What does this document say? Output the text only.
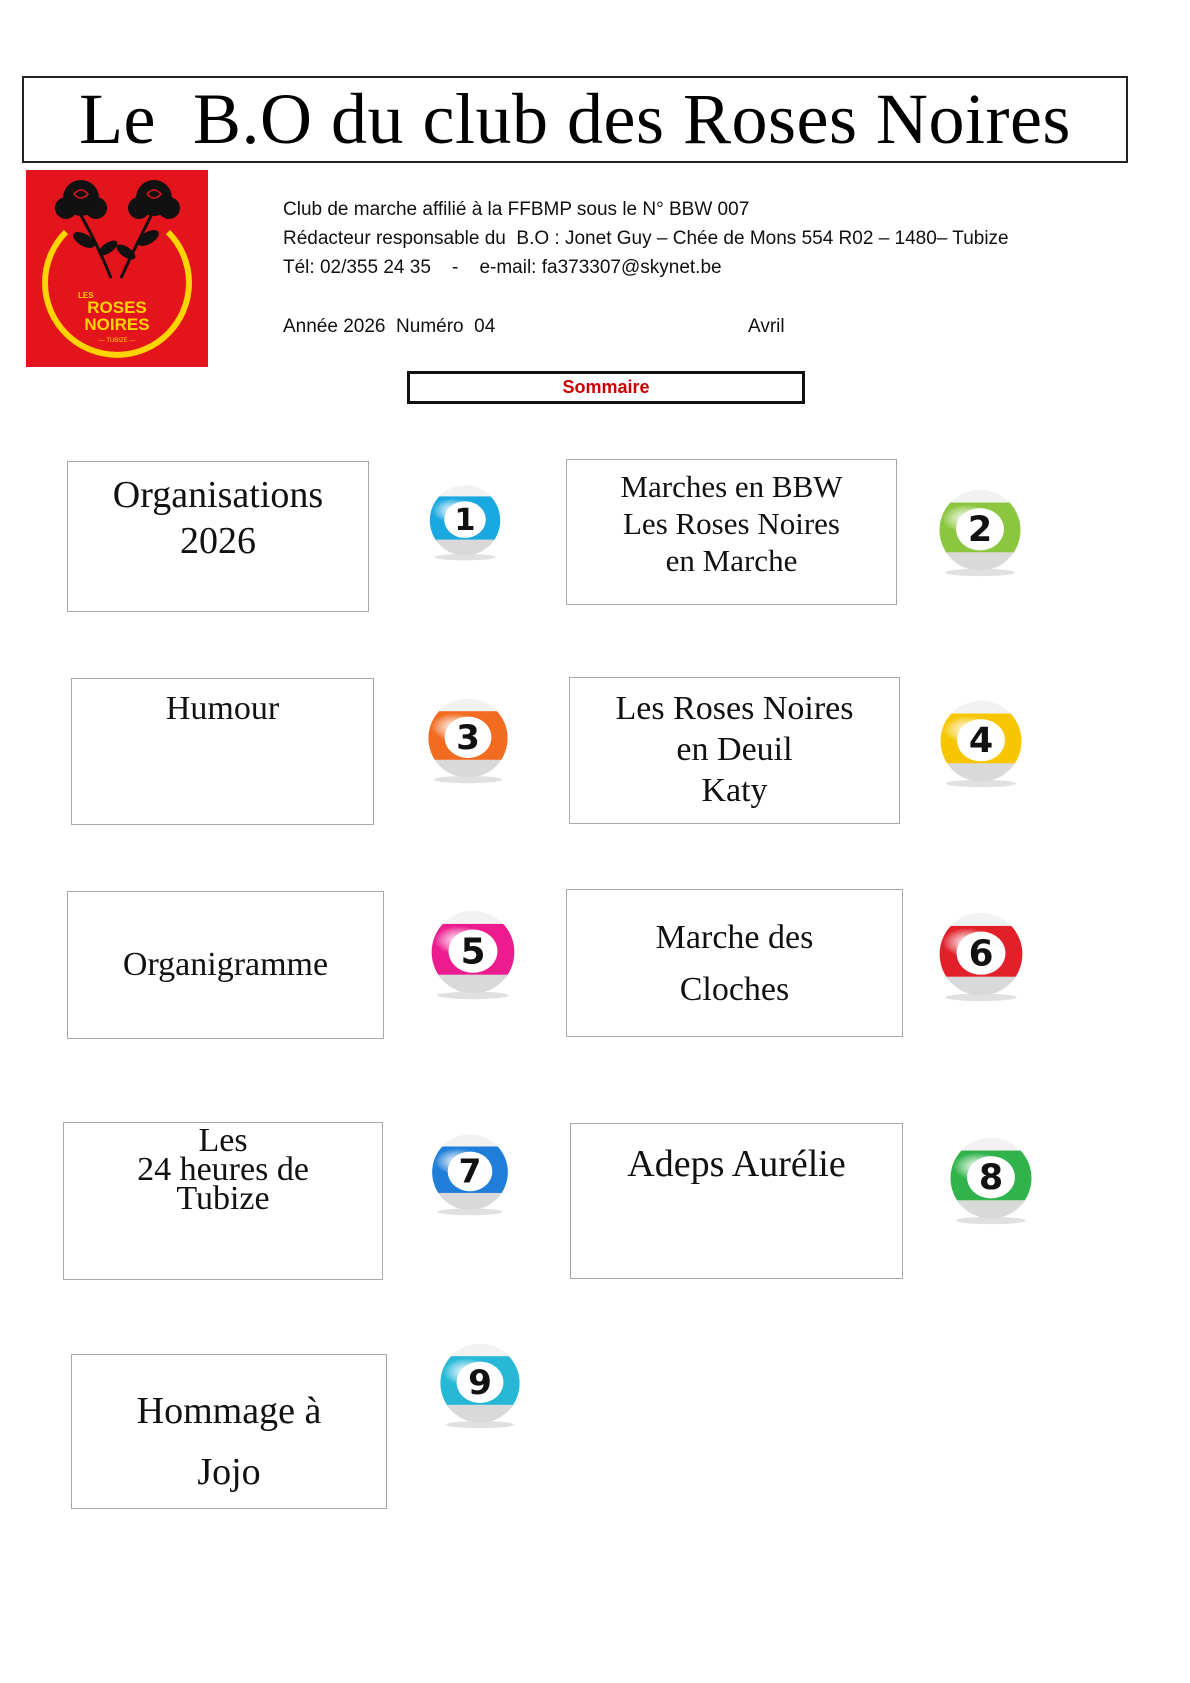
Le  B.O du club des Roses Noires
LES
ROSES
NOIRES
— TUBIZE —
Club de marche affilié à la FFBMP sous le N° BBW 007
Rédacteur responsable du  B.O : Jonet Guy – Chée de Mons 554 R02 – 1480– Tubize
Tél: 02/355 24 35    -    e-mail: fa373307@skynet.be
Année 2026  Numéro  04	Avril
Sommaire
Organisations
2026
Marches en BBW
Les Roses Noires
en Marche
Humour	Les Roses Noires
en Deuil
Katy
Organigramme
Marche des
Cloches
Les
24 heures de
Tubize
Adeps Aurélie
Hommage à
Jojo
1	2
3	4
5	6
7	8
9
